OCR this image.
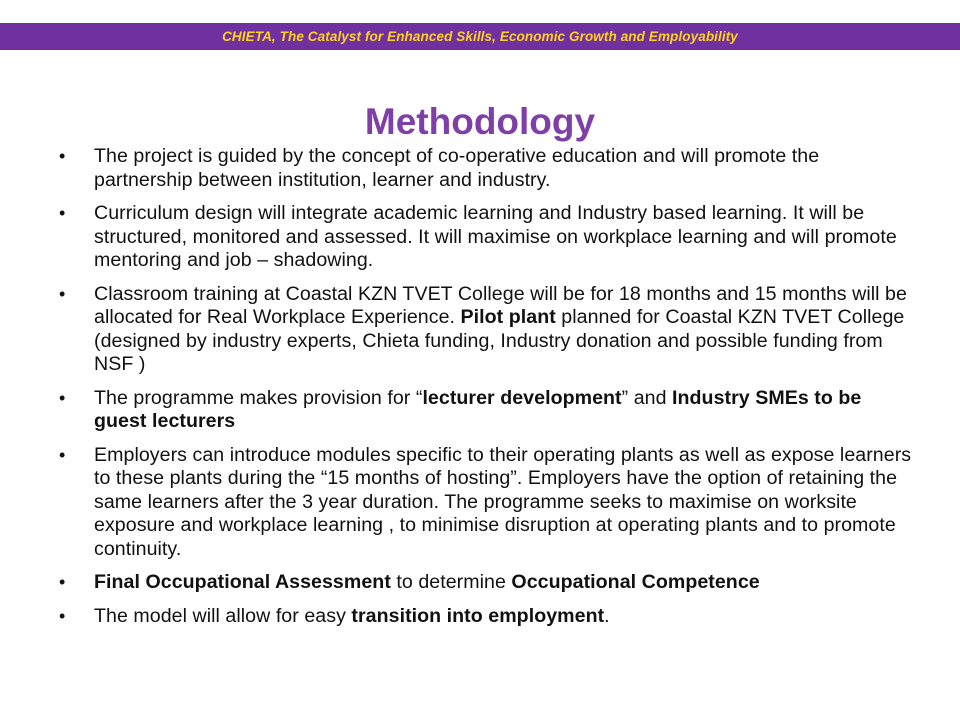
CHIETA, The Catalyst for Enhanced Skills, Economic Growth and Employability
Methodology
• The project is guided by the concept of co-operative education and will promote the partnership between institution, learner and industry.
• Curriculum design will integrate academic learning and Industry based learning. It will be structured, monitored and assessed. It will maximise on workplace learning and will promote mentoring and job – shadowing.
• Classroom training at Coastal KZN TVET College will be for 18 months and 15 months will be allocated for Real Workplace Experience. Pilot plant planned for Coastal KZN TVET College (designed by industry experts, Chieta funding, Industry donation and possible funding from NSF )
• The programme makes provision for “lecturer development” and Industry SMEs to be guest lecturers
• Employers can introduce modules specific to their operating plants as well as expose learners to these plants during the “15 months of hosting”. Employers have the option of retaining the same learners after the 3 year duration. The programme seeks to maximise on worksite exposure and workplace learning , to minimise disruption at operating plants and to promote continuity.
• Final Occupational Assessment to determine Occupational Competence
• The model will allow for easy transition into employment.
